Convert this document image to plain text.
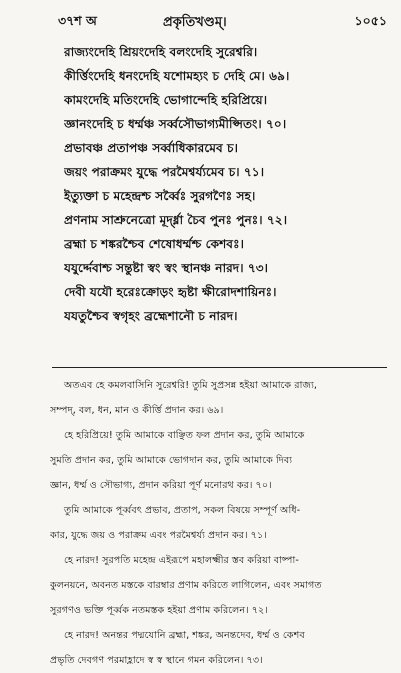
৩৭শ অ	প্রকৃতিখণ্ডম্।	১০৫১
রাজ্যংদেহি শ্রিয়ংদেহি বলংদেহি সুরেশ্বরি।
কীর্ত্তিংদেহি ধনংদেহি যশোমহ্যং চ দেহি মে। ৬৯।
কামংদেহি মতিংদেহি ভোগান্দেহি হরিপ্রিয়ে।
জ্ঞানংদেহি চ ধর্ম্মঞ্চ সর্ব্বসৌভাগ্যমীপ্সিতং। ৭০।
প্রভাবঞ্চ প্রতাপঞ্চ সর্ব্বাধিকারমেব চ।
জয়ং পরাক্রমং যুদ্ধে পরমৈশ্বর্য্যমেব চ। ৭১।
ইত্যুক্তা চ মহেন্দ্রশ্চ সর্ব্বৈঃ সুরগণৈঃ সহ।
প্রণনাম সাশ্রুনেত্রো মূর্দ্ধ্না চৈব পুনঃ পুনঃ। ৭২।
ব্রহ্মা চ শঙ্করশ্চৈব শেষোধর্ম্মশ্চ কেশবঃ।
যযুর্দ্দেবাশ্চ সন্তুষ্টা স্বং স্বং স্থানঞ্চ নারদ। ৭৩।
দেবী যযৌ হরেঃক্রোড়ং হৃষ্টা ক্ষীরোদশায়িনঃ।
যযতুশ্চৈব স্বগৃহং ব্রহ্মেশানৌ চ নারদ।
অতএব হে কমলবাসিনি সুরেশ্বরি! তুমি সুপ্রসন্ন হইয়া আমাকে রাজ্য,
সম্পদ্, বল, ধন, মান ও কীর্ত্তি প্রদান কর। ৬৯।
হে হরিপ্রিয়ে! তুমি আমাকে বাঞ্ছিত ফল প্রদান কর, তুমি আমাকে
সুমতি প্রদান কর, তুমি আমাকে ভোগদান কর, তুমি আমাকে দিব্য
জ্ঞান, ধর্ম্ম ও সৌভাগ্য, প্রদান করিয়া পূর্ণ মনোরথ কর। ৭০।
তুমি আমাকে পূর্ব্ববৎ প্রভাব, প্রতাপ, সকল বিষয়ে সম্পূর্ণ অধি-
কার, যুদ্ধে জয় ও পরাক্রম এবং পরমৈশ্বর্য্য প্রদান কর। ৭১।
হে নারদ! সুরপতি মহেন্দ্র এইরূপে মহালক্ষ্মীর স্তব করিয়া বাষ্পা-
কুলনয়নে, অবনত মস্তকে বারম্বার প্রণাম করিতে লাগিলেন, এবং সমাগত
সুরগণও ভক্তি পূর্ব্বক নতমস্তক হইয়া প্রণাম করিলেন। ৭২।
হে নারদ! অনন্তর পদ্মযোনি ব্রহ্মা, শঙ্কর, অনন্তদেব, ধর্ম্ম ও কেশব
প্রভৃতি দেবগণ পরমাহ্লাদে স্ব স্ব স্থানে গমন করিলেন। ৭৩।
